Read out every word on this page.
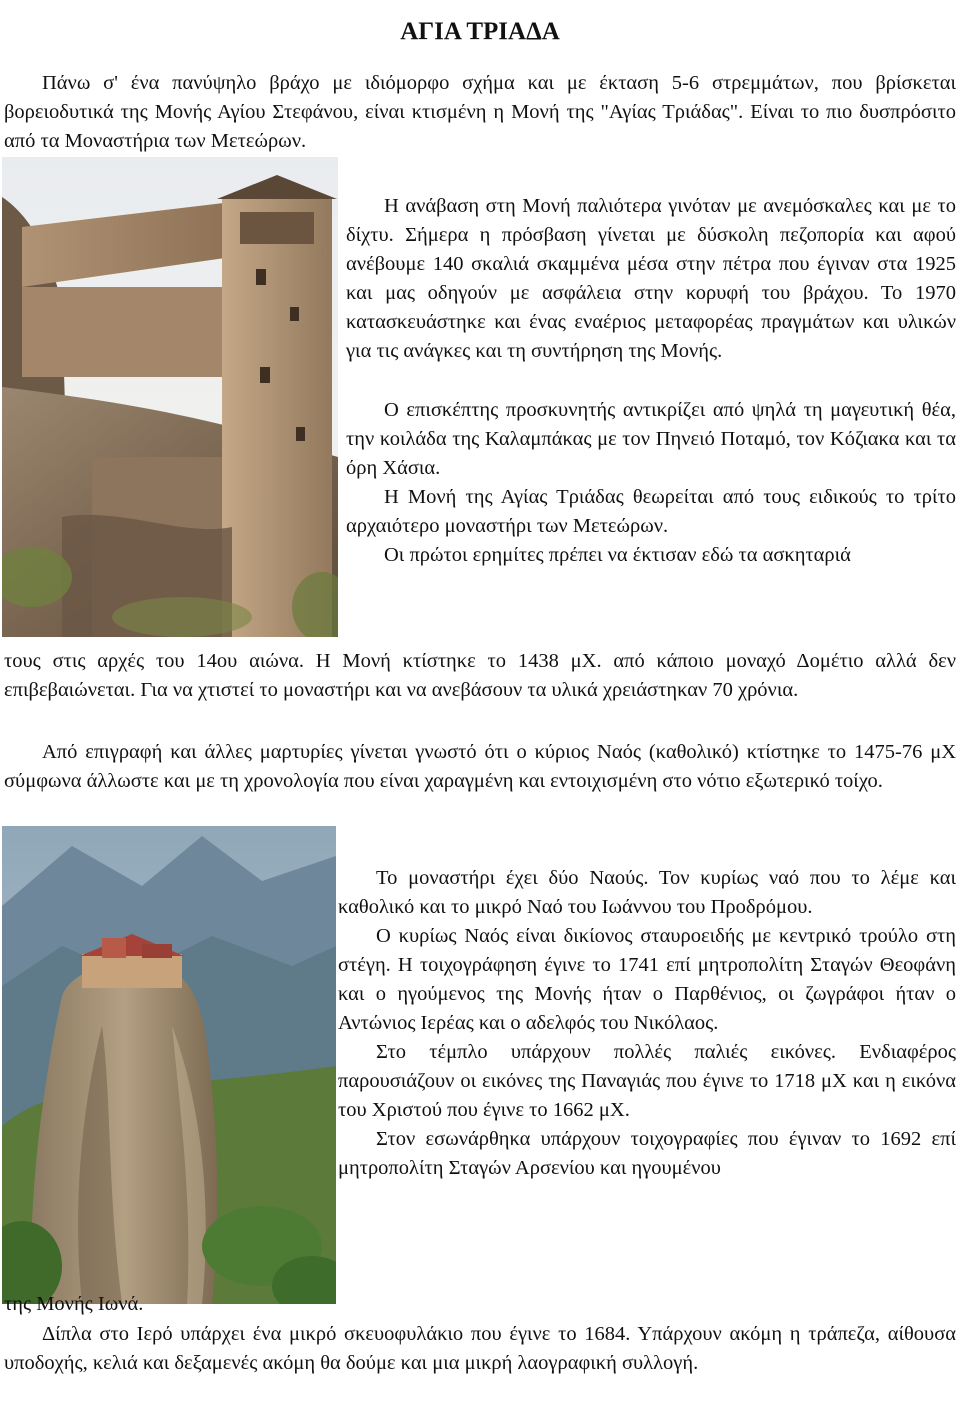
ΑΓΙΑ ΤΡΙΑΔΑ

Πάνω σ' ένα πανύψηλο βράχο με ιδιόμορφο σχήμα και με έκταση 5-6 στρεμμάτων, που βρίσκεται βορειοδυτικά της Μονής Αγίου Στεφάνου, είναι κτισμένη η Μονή της "Αγίας Τριάδας". Είναι το πιο δυσπρόσιτο από τα Μοναστήρια των Μετεώρων.

Η ανάβαση στη Μονή παλιότερα γινόταν με ανεμόσκαλες και με το δίχτυ. Σήμερα η πρόσβαση γίνεται με δύσκολη πεζοπορία και αφού ανέβουμε 140 σκαλιά σκαμμένα μέσα στην πέτρα που έγιναν στα 1925 και μας οδηγούν με ασφάλεια στην κορυφή του βράχου. Το 1970 κατασκευάστηκε και ένας εναέριος μεταφορέας πραγμάτων και υλικών για τις ανάγκες και τη συντήρηση της Μονής.

Ο επισκέπτης προσκυνητής αντικρίζει από ψηλά τη μαγευτική θέα, την κοιλάδα της Καλαμπάκας με τον Πηνειό Ποταμό, τον Κόζιακα και τα όρη Χάσια.

Η Μονή της Αγίας Τριάδας θεωρείται από τους ειδικούς το τρίτο αρχαιότερο μοναστήρι των Μετεώρων.

Οι πρώτοι ερημίτες πρέπει να έκτισαν εδώ τα ασκηταριά

τους στις αρχές του 14ου αιώνα. Η Μονή κτίστηκε το 1438 μΧ. από κάποιο μοναχό Δομέτιο αλλά δεν επιβεβαιώνεται. Για να χτιστεί το μοναστήρι και να ανεβάσουν τα υλικά χρειάστηκαν 70 χρόνια.

Από επιγραφή και άλλες μαρτυρίες γίνεται γνωστό ότι ο κύριος Ναός (καθολικό) κτίστηκε το 1475-76 μΧ σύμφωνα άλλωστε και με τη χρονολογία που είναι χαραγμένη και εντοιχισμένη στο νότιο εξωτερικό τοίχο.

Το μοναστήρι έχει δύο Ναούς. Τον κυρίως ναό που το λέμε και καθολικό και το μικρό Ναό του Ιωάννου του Προδρόμου.

Ο κυρίως Ναός είναι δικίονος σταυροειδής με κεντρικό τρούλο στη στέγη. Η τοιχογράφηση έγινε το 1741 επί μητροπολίτη Σταγών Θεοφάνη και ο ηγούμενος της Μονής ήταν ο Παρθένιος, οι ζωγράφοι ήταν ο Αντώνιος Ιερέας και ο αδελφός του Νικόλαος.

Στο τέμπλο υπάρχουν πολλές παλιές εικόνες. Ενδιαφέρος παρουσιάζουν οι εικόνες της Παναγιάς που έγινε το 1718 μΧ και η εικόνα του Χριστού που έγινε το 1662 μΧ.

Στον εσωνάρθηκα υπάρχουν τοιχογραφίες που έγιναν το 1692 επί μητροπολίτη Σταγών Αρσενίου και ηγουμένου

της Μονής Ιωνά.

Δίπλα στο Ιερό υπάρχει ένα μικρό σκευοφυλάκιο που έγινε το 1684. Υπάρχουν ακόμη η τράπεζα, αίθουσα υποδοχής, κελιά και δεξαμενές ακόμη θα δούμε και μια μικρή λαογραφική συλλογή.
